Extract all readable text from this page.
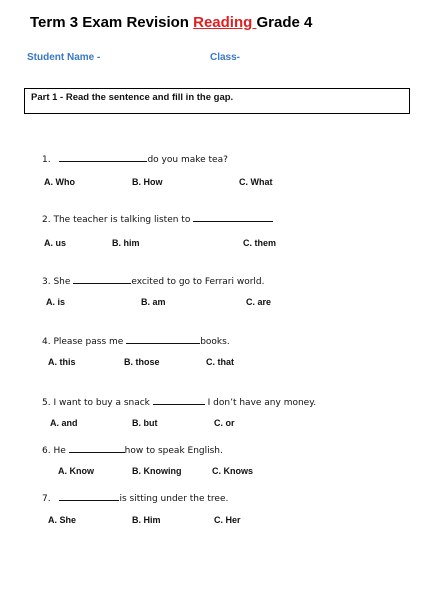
Term 3 Exam Revision Reading Grade 4
Student Name -	Class-
Part 1 - Read the sentence and fill in the gap.
1.	do you make tea?
A. Who	B. How	C. What
2. The teacher is talking listen to
A. us	B. him	C. them
3. She	excited to go to Ferrari world.
A. is	B. am	C. are
4. Please pass me	books.
A. this	B. those	C. that
5. I want to buy a snack	I don’t have any money.
A. and	B. but	C. or
6. He	how to speak English.
A. Know	B. Knowing	C. Knows
7.	is sitting under the tree.
A. She	B. Him	C. Her
